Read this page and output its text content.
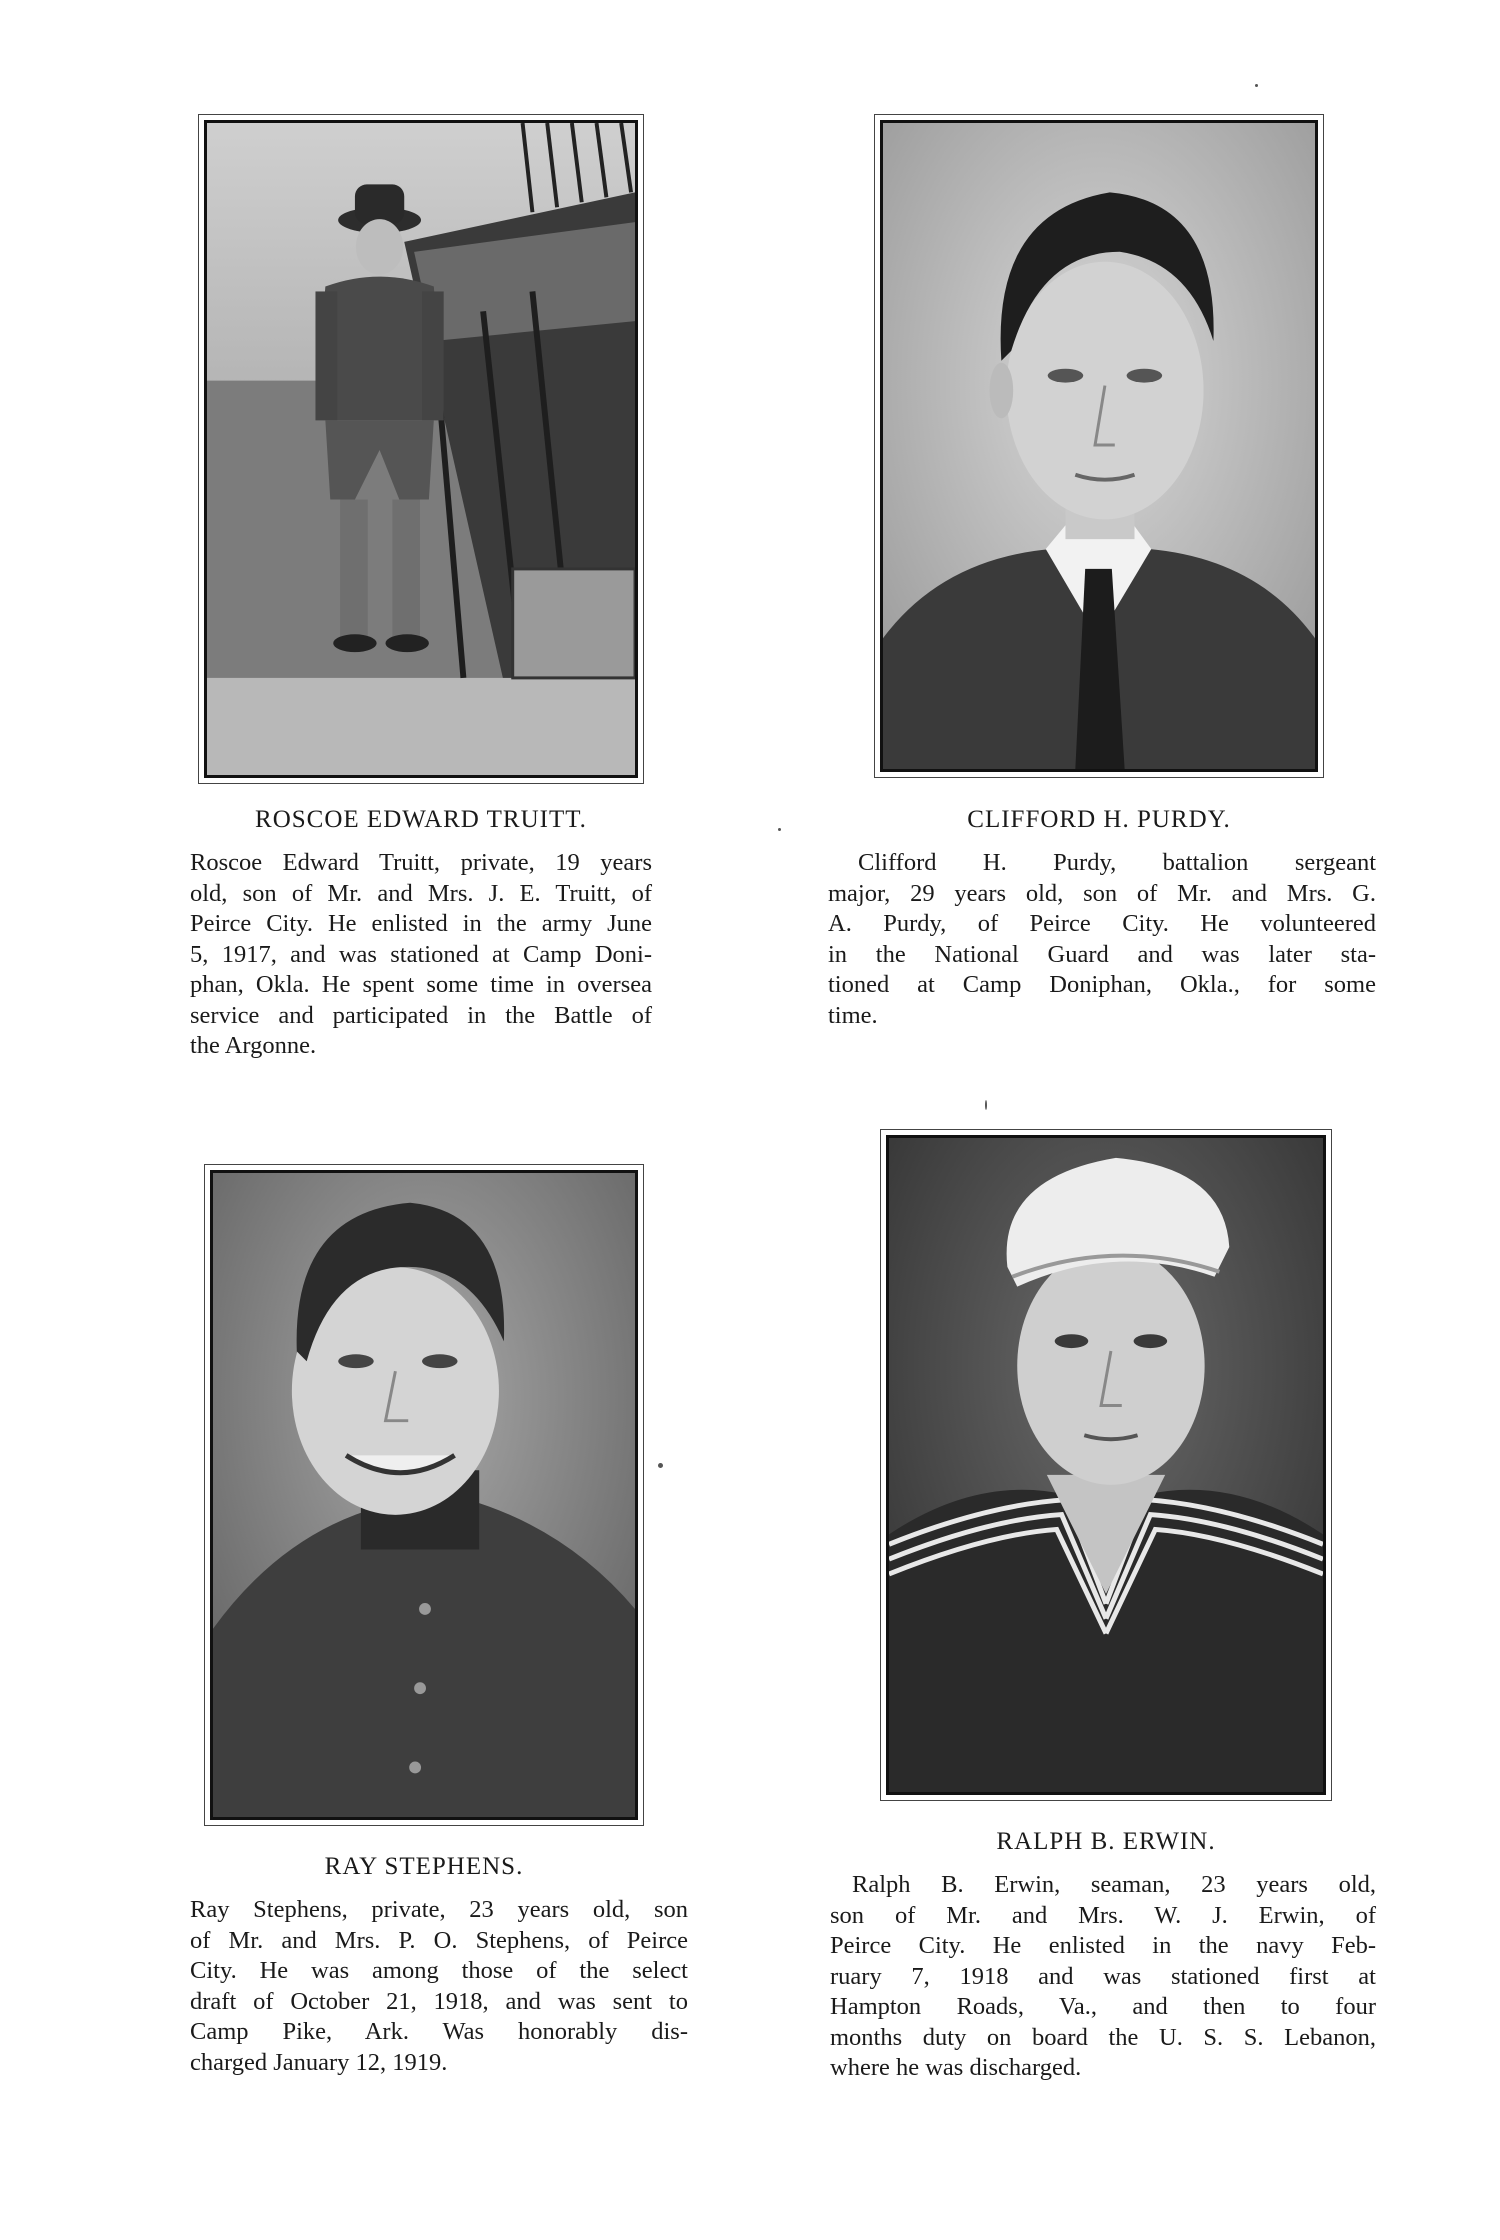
ROSCOE EDWARD TRUITT.
Roscoe Edward Truitt, private, 19 years
old, son of Mr. and Mrs. J. E. Truitt, of
Peirce City. He enlisted in the army June
5, 1917, and was stationed at Camp Doni-
phan, Okla. He spent some time in oversea
service and participated in the Battle of
the Argonne.
CLIFFORD H. PURDY.
Clifford H. Purdy, battalion sergeant
major, 29 years old, son of Mr. and Mrs. G.
A. Purdy, of Peirce City. He volunteered
in the National Guard and was later sta-
tioned at Camp Doniphan, Okla., for some
time.
RAY STEPHENS.
Ray Stephens, private, 23 years old, son
of Mr. and Mrs. P. O. Stephens, of Peirce
City. He was among those of the select
draft of October 21, 1918, and was sent to
Camp Pike, Ark. Was honorably dis-
charged January 12, 1919.
RALPH B. ERWIN.
Ralph B. Erwin, seaman, 23 years old,
son of Mr. and Mrs. W. J. Erwin, of
Peirce City. He enlisted in the navy Feb-
ruary 7, 1918 and was stationed first at
Hampton Roads, Va., and then to four
months duty on board the U. S. S. Lebanon,
where he was discharged.
